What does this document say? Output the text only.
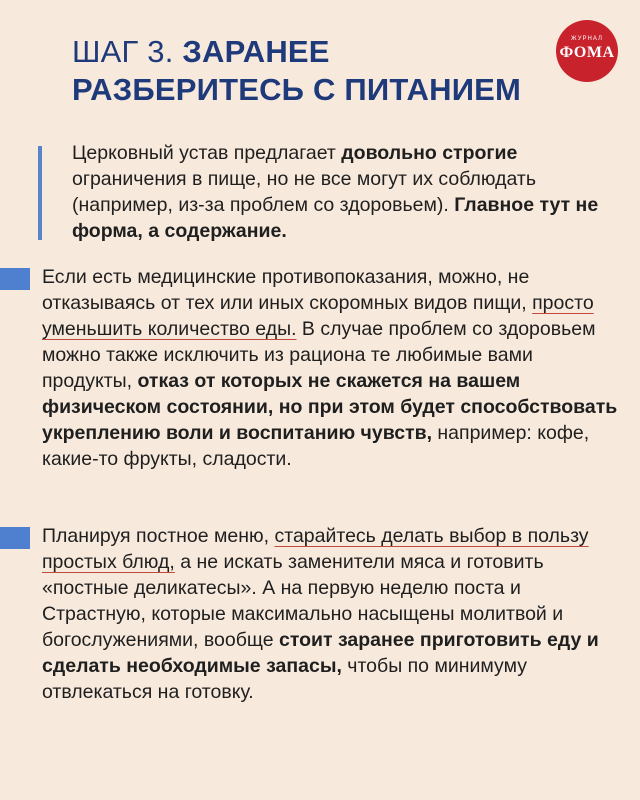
ШАГ 3. ЗАРАНЕЕ
РАЗБЕРИТЕСЬ С ПИТАНИЕМ
ЖУРНАЛ
ФОМА
Церковный устав предлагает довольно строгие ограничения в пище, но не все могут их соблюдать (например, из-за проблем со здоровьем). Главное тут не форма, а содержание.
Если есть медицинские противопоказания, можно, не отказываясь от тех или иных скоромных видов пищи, просто уменьшить количество еды. В случае проблем со здоровьем можно также исключить из рациона те любимые вами продукты, отказ от которых не скажется на вашем физическом состоянии, но при этом будет способствовать укреплению воли и воспитанию чувств, например: кофе, какие-то фрукты, сладости.
Планируя постное меню, старайтесь делать выбор в пользу простых блюд, а не искать заменители мяса и готовить «постные деликатесы». А на первую неделю поста и Страстную, которые максимально насыщены молитвой и богослужениями, вообще стоит заранее приготовить еду и сделать необходимые запасы, чтобы по минимуму отвлекаться на готовку.
